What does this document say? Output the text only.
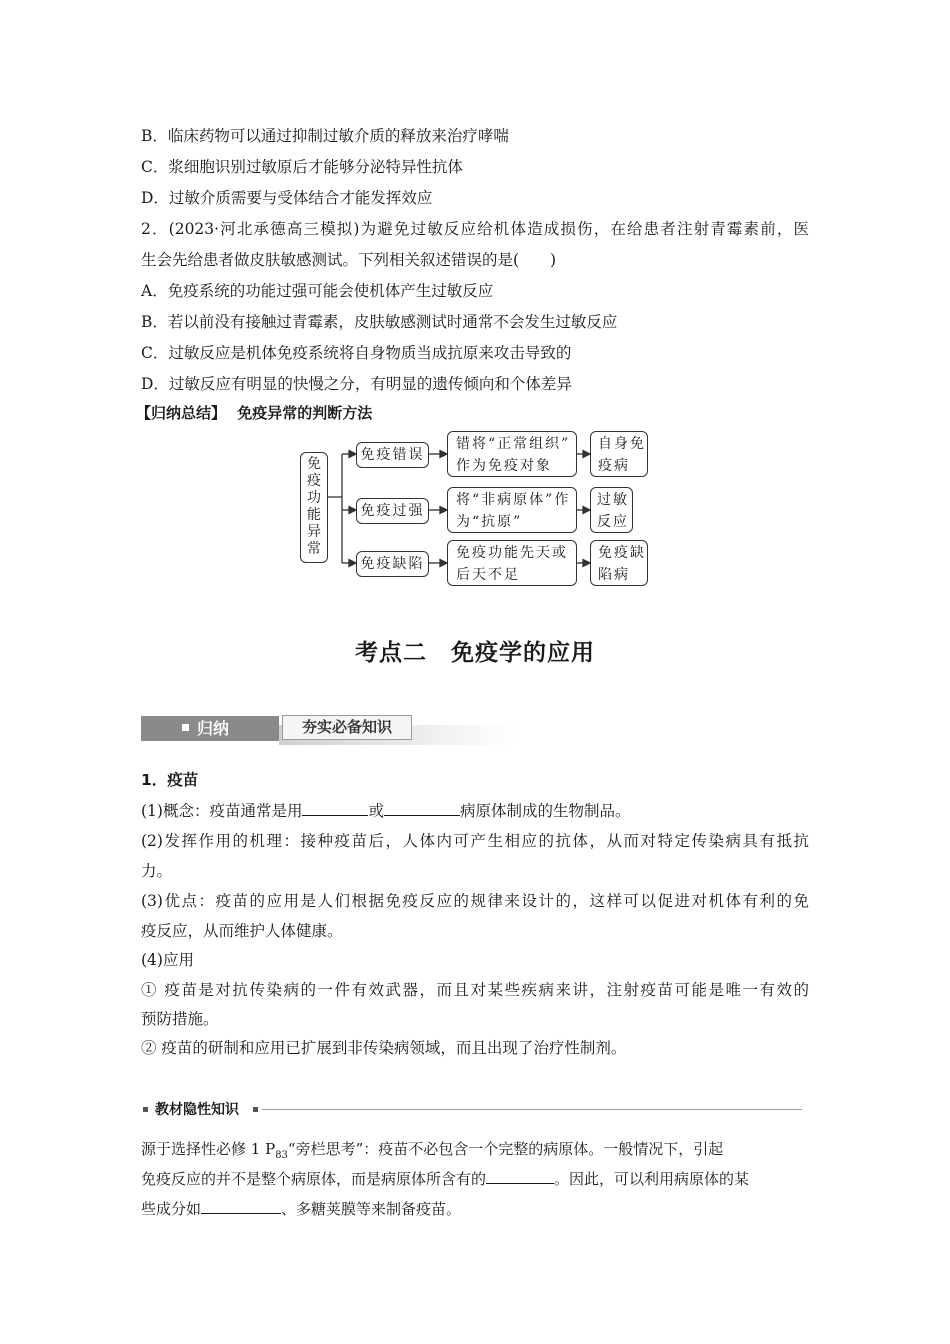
B．临床药物可以通过抑制过敏介质的释放来治疗哮喘
C．浆细胞识别过敏原后才能够分泌特异性抗体
D．过敏介质需要与受体结合才能发挥效应
2．(2023·河北承德高三模拟)为避免过敏反应给机体造成损伤，在给患者注射青霉素前，医
生会先给患者做皮肤敏感测试。下列相关叙述错误的是(　　)
A．免疫系统的功能过强可能会使机体产生过敏反应
B．若以前没有接触过青霉素，皮肤敏感测试时通常不会发生过敏反应
C．过敏反应是机体免疫系统将自身物质当成抗原来攻击导致的
D．过敏反应有明显的快慢之分，有明显的遗传倾向和个体差异
【归纳总结】 免疫异常的判断方法
免疫功能异常
免疫错误
错将“正常组织”
作为免疫对象
自身免
疫病
免疫过强
将“非病原体”作
为“抗原”
过敏
反应
免疫缺陷
免疫功能先天或
后天不足
免疫缺
陷病
考点二　免疫学的应用
归纳	夯实必备知识
1．疫苗
(1)概念：疫苗通常是用	或	病原体制成的生物制品。
(2)发挥作用的机理：接种疫苗后，人体内可产生相应的抗体，从而对特定传染病具有抵抗
力。
(3)优点：疫苗的应用是人们根据免疫反应的规律来设计的，这样可以促进对机体有利的免
疫反应，从而维护人体健康。
(4)应用
① 疫苗是对抗传染病的一件有效武器，而且对某些疾病来讲，注射疫苗可能是唯一有效的
预防措施。
② 疫苗的研制和应用已扩展到非传染病领域，而且出现了治疗性制剂。
教材隐性知识
源于选择性必修 1 $P_{83}“$旁栏思考”：疫苗不必包含一个完整的病原体。一般情况下，引起
免疫反应的并不是整个病原体，而是病原体所含有的	。因此，可以利用病原体的某
些成分如	、多糖荚膜等来制备疫苗。
